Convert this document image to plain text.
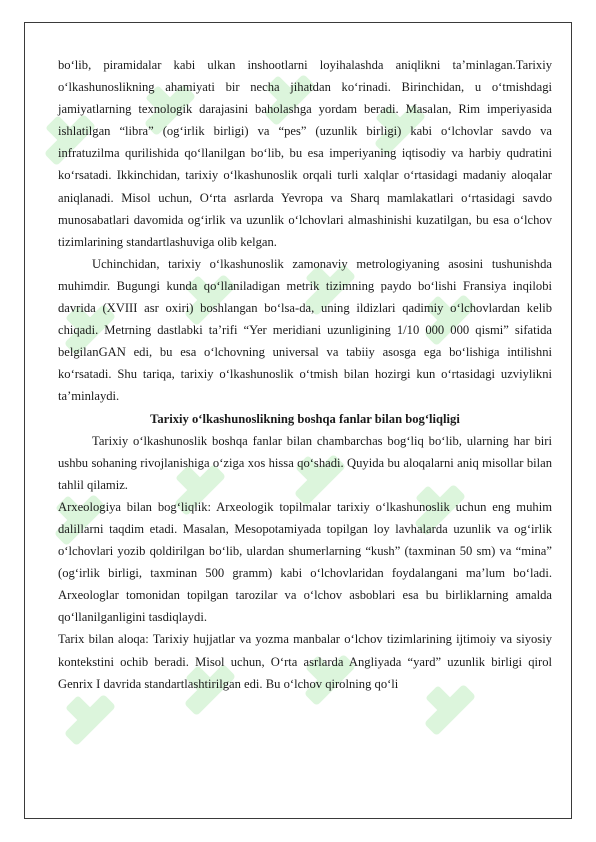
bo‘lib, piramidalar kabi ulkan inshootlarni loyihalashda aniqlikni ta’minlagan.Tarixiy o‘lkashunoslikning ahamiyati bir necha jihatdan ko‘rinadi. Birinchidan, u o‘tmishdagi jamiyatlarning texnologik darajasini baholashga yordam beradi. Masalan, Rim imperiyasida ishlatilgan “libra” (og‘irlik birligi) va “pes” (uzunlik birligi) kabi o‘lchovlar savdo va infratuzilma qurilishida qo‘llanilgan bo‘lib, bu esa imperiyaning iqtisodiy va harbiy qudratini ko‘rsatadi. Ikkinchidan, tarixiy o‘lkashunoslik orqali turli xalqlar o‘rtasidagi madaniy aloqalar aniqlanadi. Misol uchun, O‘rta asrlarda Yevropa va Sharq mamlakatlari o‘rtasidagi savdo munosabatlari davomida og‘irlik va uzunlik o‘lchovlari almashinishi kuzatilgan, bu esa o‘lchov tizimlarining standartlashuviga olib kelgan.

Uchinchidan, tarixiy o‘lkashunoslik zamonaviy metrologiyaning asosini tushunishda muhimdir. Bugungi kunda qo‘llaniladigan metrik tizimning paydo bo‘lishi Fransiya inqilobi davrida (XVIII asr oxiri) boshlangan bo‘lsa-da, uning ildizlari qadimiy o‘lchovlardan kelib chiqadi. Metrning dastlabki ta’rifi “Yer meridiani uzunligining 1/10 000 000 qismi” sifatida belgilanGAN edi, bu esa o‘lchovning universal va tabiiy asosga ega bo‘lishiga intilishni ko‘rsatadi. Shu tariqa, tarixiy o‘lkashunoslik o‘tmish bilan hozirgi kun o‘rtasidagi uzviylikni ta’minlaydi.

Tarixiy o‘lkashunoslikning boshqa fanlar bilan bog‘liqligi

Tarixiy o‘lkashunoslik boshqa fanlar bilan chambarchas bog‘liq bo‘lib, ularning har biri ushbu sohaning rivojlanishiga o‘ziga xos hissa qo‘shadi. Quyida bu aloqalarni aniq misollar bilan tahlil qilamiz.

Arxeologiya bilan bog‘liqlik: Arxeologik topilmalar tarixiy o‘lkashunoslik uchun eng muhim dalillarni taqdim etadi. Masalan, Mesopotamiyada topilgan loy lavhalarda uzunlik va og‘irlik o‘lchovlari yozib qoldirilgan bo‘lib, ulardan shumerlarning “kush” (taxminan 50 sm) va “mina” (og‘irlik birligi, taxminan 500 gramm) kabi o‘lchovlaridan foydalangani ma’lum bo‘ladi. Arxeologlar tomonidan topilgan tarozilar va o‘lchov asboblari esa bu birliklarning amalda qo‘llanilganligini tasdiqlaydi.

Tarix bilan aloqa: Tarixiy hujjatlar va yozma manbalar o‘lchov tizimlarining ijtimoiy va siyosiy kontekstini ochib beradi. Misol uchun, O‘rta asrlarda Angliyada “yard” uzunlik birligi qirol Genrix I davrida standartlashtirilgan edi. Bu o‘lchov qirolning qo‘li
